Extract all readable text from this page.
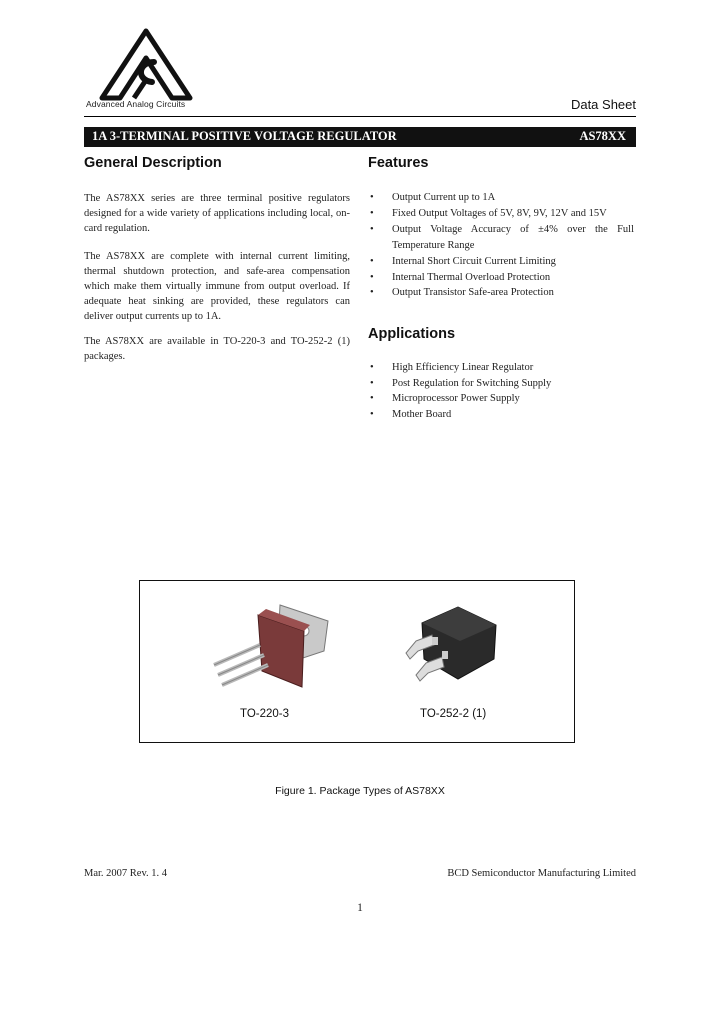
Advanced Analog Circuits	Data Sheet
1A 3-TERMINAL POSITIVE VOLTAGE REGULATOR	AS78XX
General Description
The AS78XX series are three terminal positive regulators designed for a wide variety of applications including local, on-card regulation.
The AS78XX are complete with internal current limiting, thermal shutdown protection, and safe-area compensation which make them virtually immune from output overload. If adequate heat sinking are provided, these regulators can deliver output currents up to 1A.
The AS78XX are available in TO-220-3 and TO-252-2 (1) packages.
Features
• Output Current up to 1A
• Fixed Output Voltages of 5V, 8V, 9V, 12V and 15V
• Output Voltage Accuracy of ±4% over the Full Temperature Range
• Internal Short Circuit Current Limiting
• Internal Thermal Overload Protection
• Output Transistor Safe-area Protection
Applications
• High Efficiency Linear Regulator
• Post Regulation for Switching Supply
• Microprocessor Power Supply
• Mother Board
TO-220-3	TO-252-2 (1)
Figure 1. Package Types of AS78XX
Mar. 2007 Rev. 1. 4	BCD Semiconductor Manufacturing Limited
1
